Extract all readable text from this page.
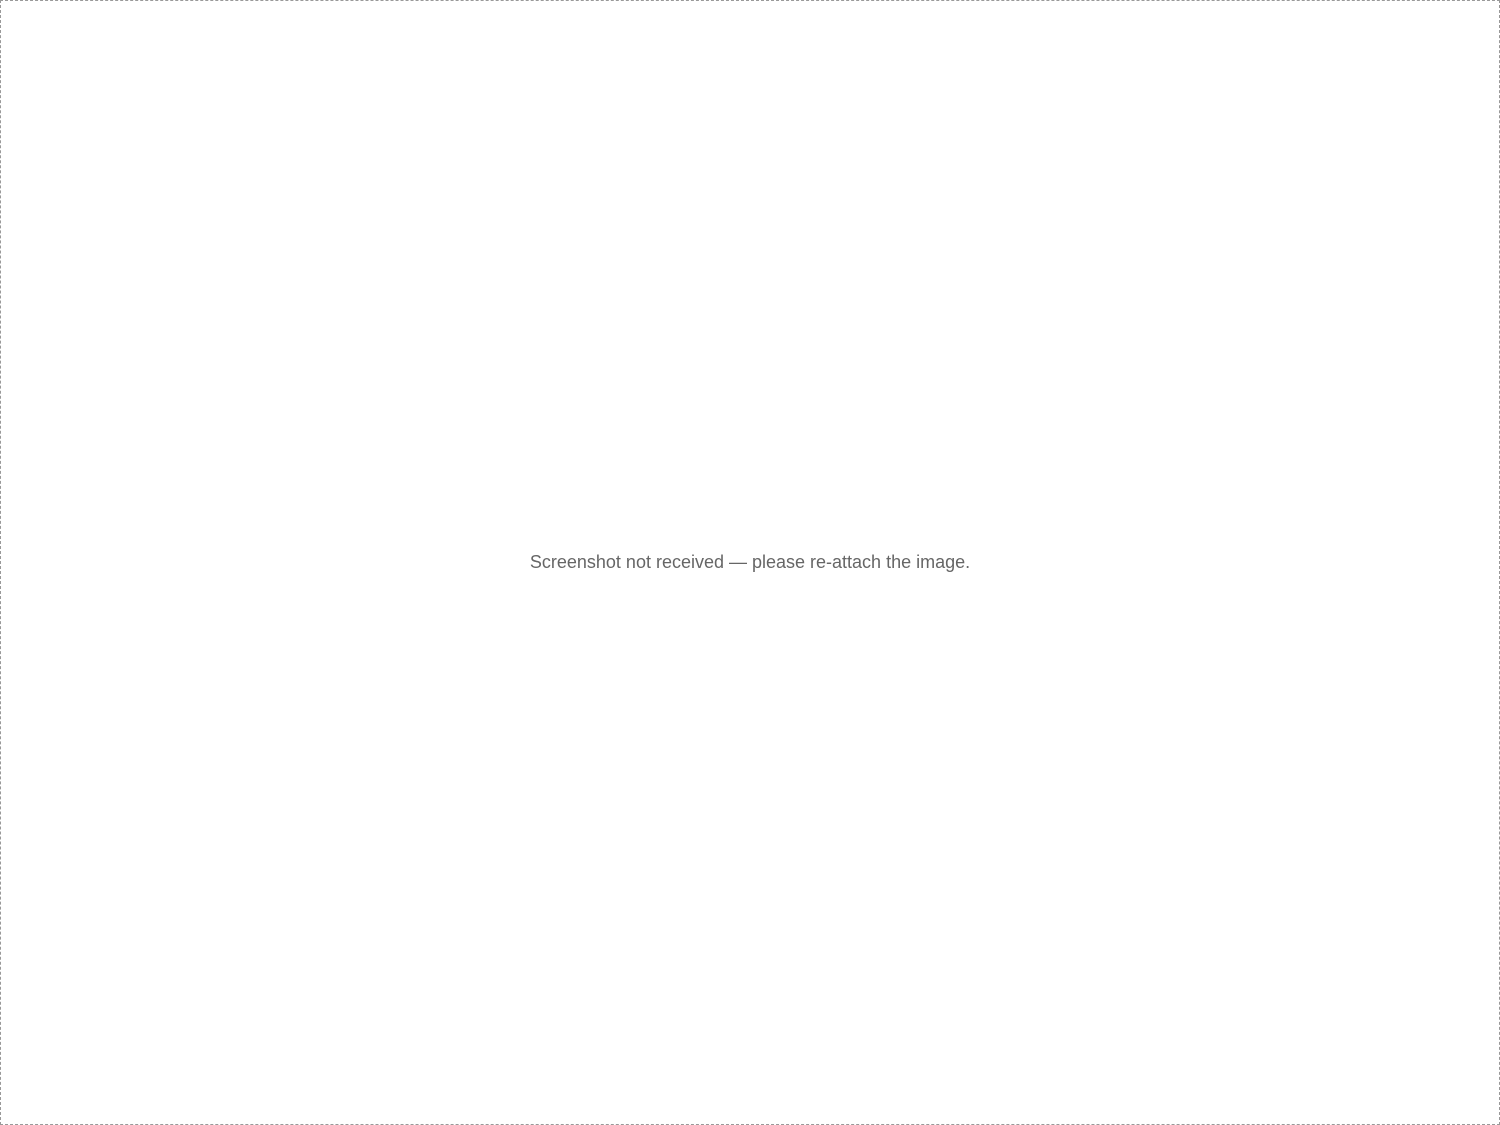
Screenshot not received — please re-attach the image.
